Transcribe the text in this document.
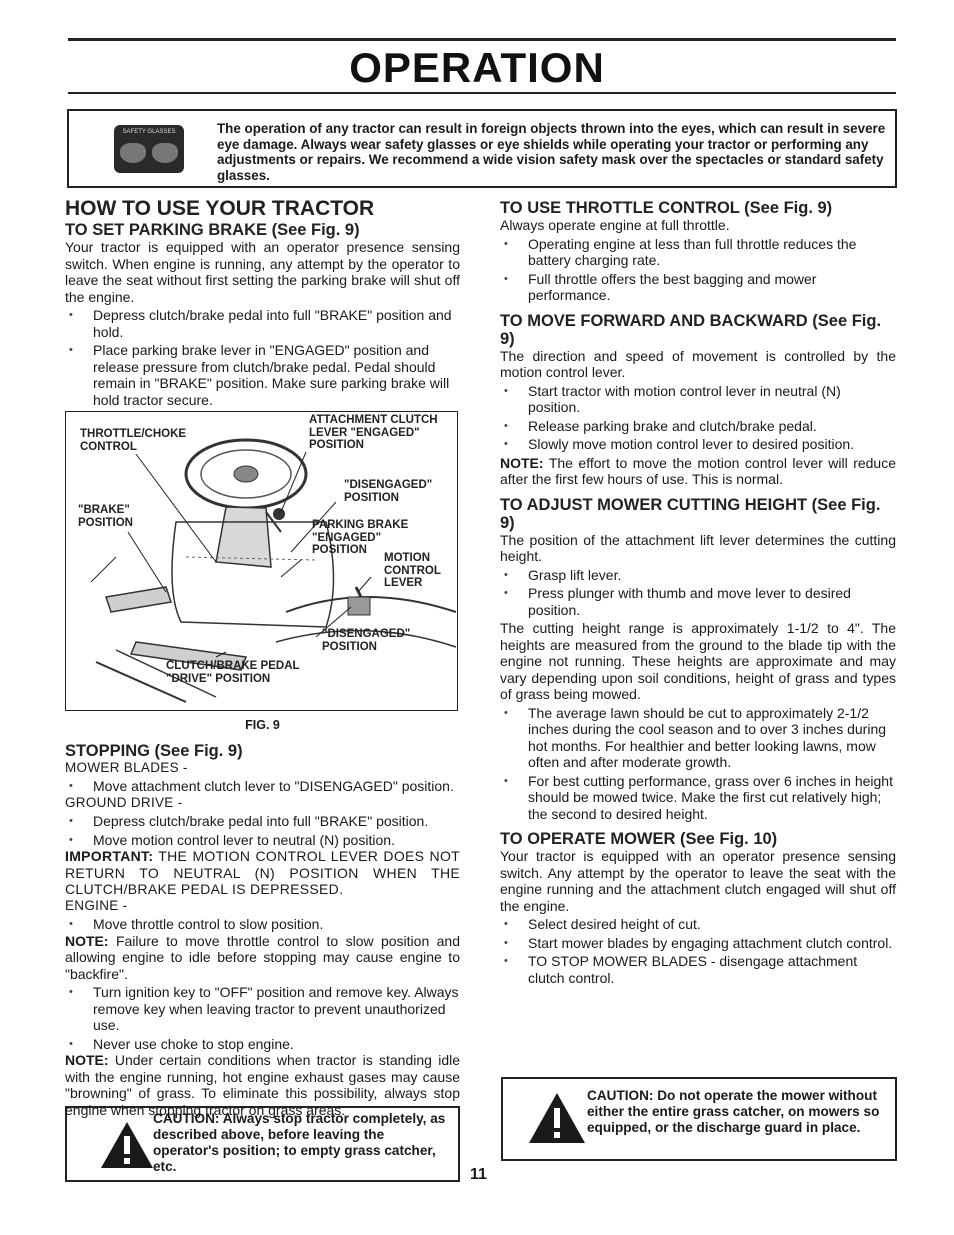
OPERATION
SAFETY GLASSES	The operation of any tractor can result in foreign objects thrown into the eyes, which can result in severe eye damage. Always wear safety glasses or eye shields while operating your tractor or performing any adjustments or repairs. We recommend a wide vision safety mask over the spectacles or standard safety glasses.
HOW TO USE YOUR TRACTOR
TO SET PARKING BRAKE (See Fig. 9)

Your tractor is equipped with an operator presence sensing switch. When engine is running, any attempt by the operator to leave the seat without first setting the parking brake will shut off the engine.

• Depress clutch/brake pedal into full "BRAKE" position and hold.
• Place parking brake lever in "ENGAGED" position and release pressure from clutch/brake pedal. Pedal should remain in "BRAKE" position. Make sure parking brake will hold tractor secure.
THROTTLE/CHOKE CONTROL
ATTACHMENT CLUTCH LEVER "ENGAGED" POSITION
"DISENGAGED" POSITION
"BRAKE" POSITION	PARKING BRAKE "ENGAGED" POSITION
MOTION CONTROL LEVER
"DISENGAGED" POSITION
CLUTCH/BRAKE PEDAL "DRIVE" POSITION
FIG. 9
STOPPING (See Fig. 9)

MOWER BLADES -

• Move attachment clutch lever to "DISENGAGED" position.

GROUND DRIVE -

• Depress clutch/brake pedal into full "BRAKE" position.
• Move motion control lever to neutral (N) position.

IMPORTANT: THE MOTION CONTROL LEVER DOES NOT RETURN TO NEUTRAL (N) POSITION WHEN THE CLUTCH/BRAKE PEDAL IS DEPRESSED.

ENGINE -

• Move throttle control to slow position.

NOTE: Failure to move throttle control to slow position and allowing engine to idle before stopping may cause engine to "backfire".

• Turn ignition key to "OFF" position and remove key. Always remove key when leaving tractor to prevent unauthorized use.
• Never use choke to stop engine.

NOTE: Under certain conditions when tractor is standing idle with the engine running, hot engine exhaust gases may cause "browning" of grass. To eliminate this possibility, always stop engine when stopping tractor on grass areas.

CAUTION: Always stop tractor completely, as described above, before leaving the operator's position; to empty grass catcher, etc.
TO USE THROTTLE CONTROL (See Fig. 9)

Always operate engine at full throttle.

• Operating engine at less than full throttle reduces the battery charging rate.
• Full throttle offers the best bagging and mower performance.
TO MOVE FORWARD AND BACKWARD (See Fig. 9)

The direction and speed of movement is controlled by the motion control lever.

• Start tractor with motion control lever in neutral (N) position.
• Release parking brake and clutch/brake pedal.
• Slowly move motion control lever to desired position.

NOTE: The effort to move the motion control lever will reduce after the first few hours of use. This is normal.

TO ADJUST MOWER CUTTING HEIGHT (See Fig. 9)

The position of the attachment lift lever determines the cutting height.

• Grasp lift lever.
• Press plunger with thumb and move lever to desired position.

The cutting height range is approximately 1-1/2 to 4". The heights are measured from the ground to the blade tip with the engine not running. These heights are approximate and may vary depending upon soil conditions, height of grass and types of grass being mowed.

• The average lawn should be cut to approximately 2-1/2 inches during the cool season and to over 3 inches during hot months. For healthier and better looking lawns, mow often and after moderate growth.
• For best cutting performance, grass over 6 inches in height should be mowed twice. Make the first cut relatively high; the second to desired height.
TO OPERATE MOWER (See Fig. 10)

Your tractor is equipped with an operator presence sensing switch. Any attempt by the operator to leave the seat with the engine running and the attachment clutch engaged will shut off the engine.

• Select desired height of cut.
• Start mower blades by engaging attachment clutch control.
• TO STOP MOWER BLADES - disengage attachment clutch control.
CAUTION: Do not operate the mower without either the entire grass catcher, on mowers so equipped, or the discharge guard in place.
11
